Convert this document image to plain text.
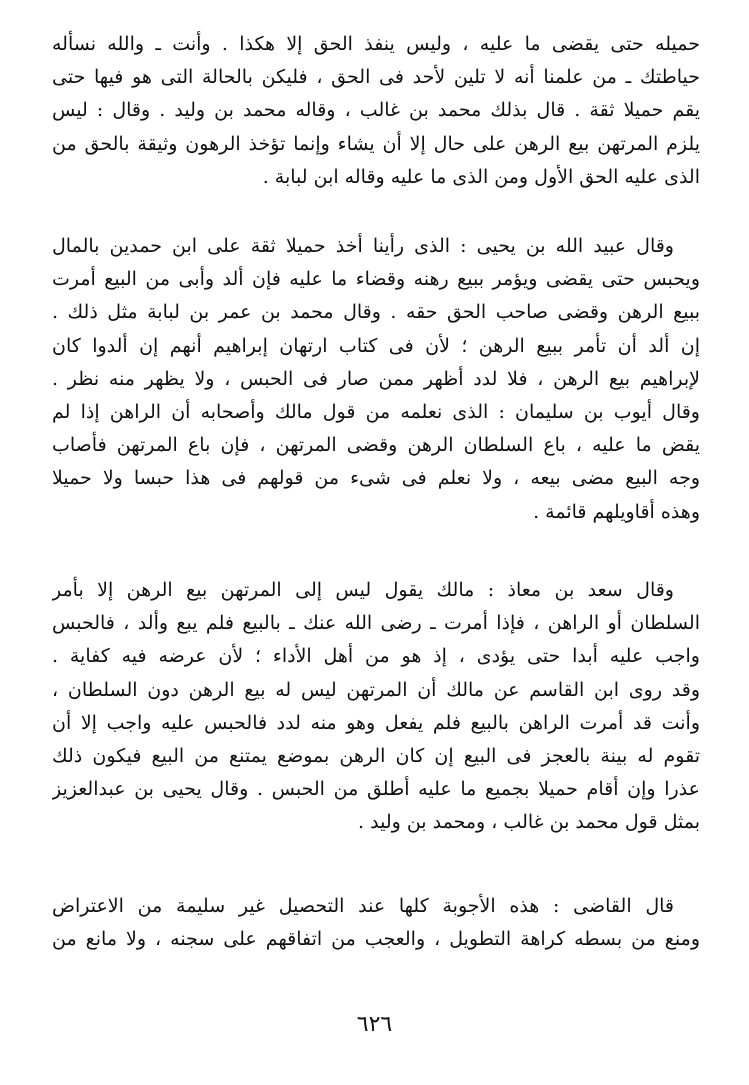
حميله حتى يقضى ما عليه ، وليس ينفذ الحق إلا هكذا . وأنت ـ والله نسأله
حياطتك ـ من علمنا أنه لا تلين لأحد فى الحق ، فليكن بالحالة التى هو فيها حتى
يقم حميلا ثقة . قال بذلك محمد بن غالب ، وقاله محمد بن وليد . وقال : ليس
يلزم المرتهن بيع الرهن على حال إلا أن يشاء وإنما تؤخذ الرهون وثيقة بالحق من
الذى عليه الحق الأول ومن الذى ما عليه وقاله ابن لبابة .
وقال عبيد الله بن يحيى : الذى رأينا أخذ حميلا ثقة على ابن حمدين بالمال
ويحبس حتى يقضى ويؤمر ببيع رهنه وقضاء ما عليه فإن ألد وأبى من البيع أمرت
ببيع الرهن وقضى صاحب الحق حقه . وقال محمد بن عمر بن لبابة مثل ذلك .
إن ألد أن تأمر ببيع الرهن ؛ لأن فى كتاب ارتهان إبراهيم أنهم إن ألدوا كان
لإبراهيم بيع الرهن ، فلا لدد أظهر ممن صار فى الحبس ، ولا يظهر منه نظر .
وقال أيوب بن سليمان : الذى نعلمه من قول مالك وأصحابه أن الراهن إذا لم
يقض ما عليه ، باع السلطان الرهن وقضى المرتهن ، فإن باع المرتهن فأصاب
وجه البيع مضى بيعه ، ولا نعلم فى شىء من قولهم فى هذا حبسا ولا حميلا
وهذه أقاويلهم قائمة .
وقال سعد بن معاذ : مالك يقول ليس إلى المرتهن بيع الرهن إلا بأمر
السلطان أو الراهن ، فإذا أمرت ـ رضى الله عنك ـ بالبيع فلم يبع وألد ، فالحبس
واجب عليه أبدا حتى يؤدى ، إذ هو من أهل الأداء ؛ لأن عرضه فيه كفاية .
وقد روى ابن القاسم عن مالك أن المرتهن ليس له بيع الرهن دون السلطان ،
وأنت قد أمرت الراهن بالبيع فلم يفعل وهو منه لدد فالحبس عليه واجب إلا أن
تقوم له بينة بالعجز فى البيع إن كان الرهن بموضع يمتنع من البيع فيكون ذلك
عذرا وإن أقام حميلا بجميع ما عليه أطلق من الحبس . وقال يحيى بن عبدالعزيز
بمثل قول محمد بن غالب ، ومحمد بن وليد .
قال القاضى : هذه الأجوبة كلها عند التحصيل غير سليمة من الاعتراض
ومنع من بسطه كراهة التطويل ، والعجب من اتفاقهم على سجنه ، ولا مانع من
٦٢٦
